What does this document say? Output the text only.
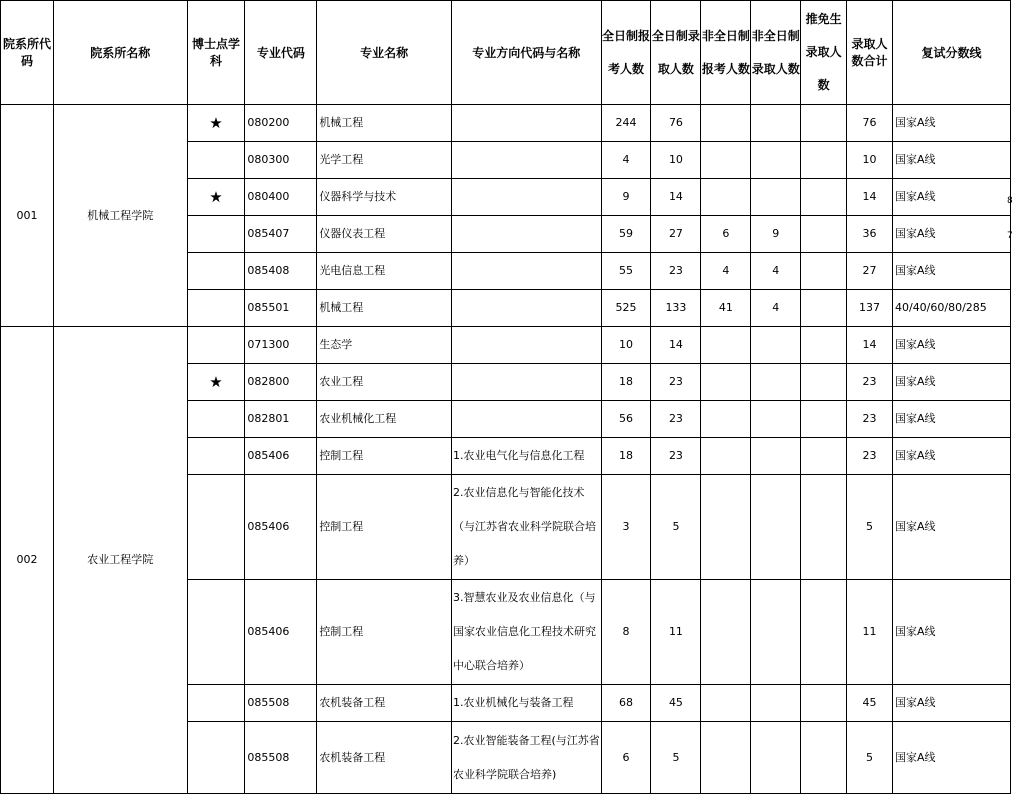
院系所代码	院系所名称	博士点学科	专业代码	专业名称	专业方向代码与名称	全日制报考人数	全日制录取人数	非全日制报考人数	非全日制录取人数	推免生录取人数	录取人数合计	复试分数线
001	机械工程学院	★	080200	机械工程		244	76				76	国家A线
			080300	光学工程		4	10				10	国家A线
		★	080400	仪器科学与技术		9	14				14	国家A线
			085407	仪器仪表工程		59	27	6	9		36	国家A线
			085408	光电信息工程		55	23	4	4		27	国家A线
			085501	机械工程		525	133	41	4		137	40/40/60/80/285
002	农业工程学院		071300	生态学		10	14				14	国家A线
		★	082800	农业工程		18	23				23	国家A线
			082801	农业机械化工程		56	23				23	国家A线
			085406	控制工程	1.农业电气化与信息化工程	18	23				23	国家A线
			085406	控制工程	2.农业信息化与智能化技术（与江苏省农业科学院联合培养）	3	5				5	国家A线
			085406	控制工程	3.智慧农业及农业信息化（与国家农业信息化工程技术研究中心联合培养）	8	11				11	国家A线
			085508	农机装备工程	1.农业机械化与装备工程	68	45				45	国家A线
			085508	农机装备工程	2.农业智能装备工程(与江苏省农业科学院联合培养)	6	5				5	国家A线
8
7
